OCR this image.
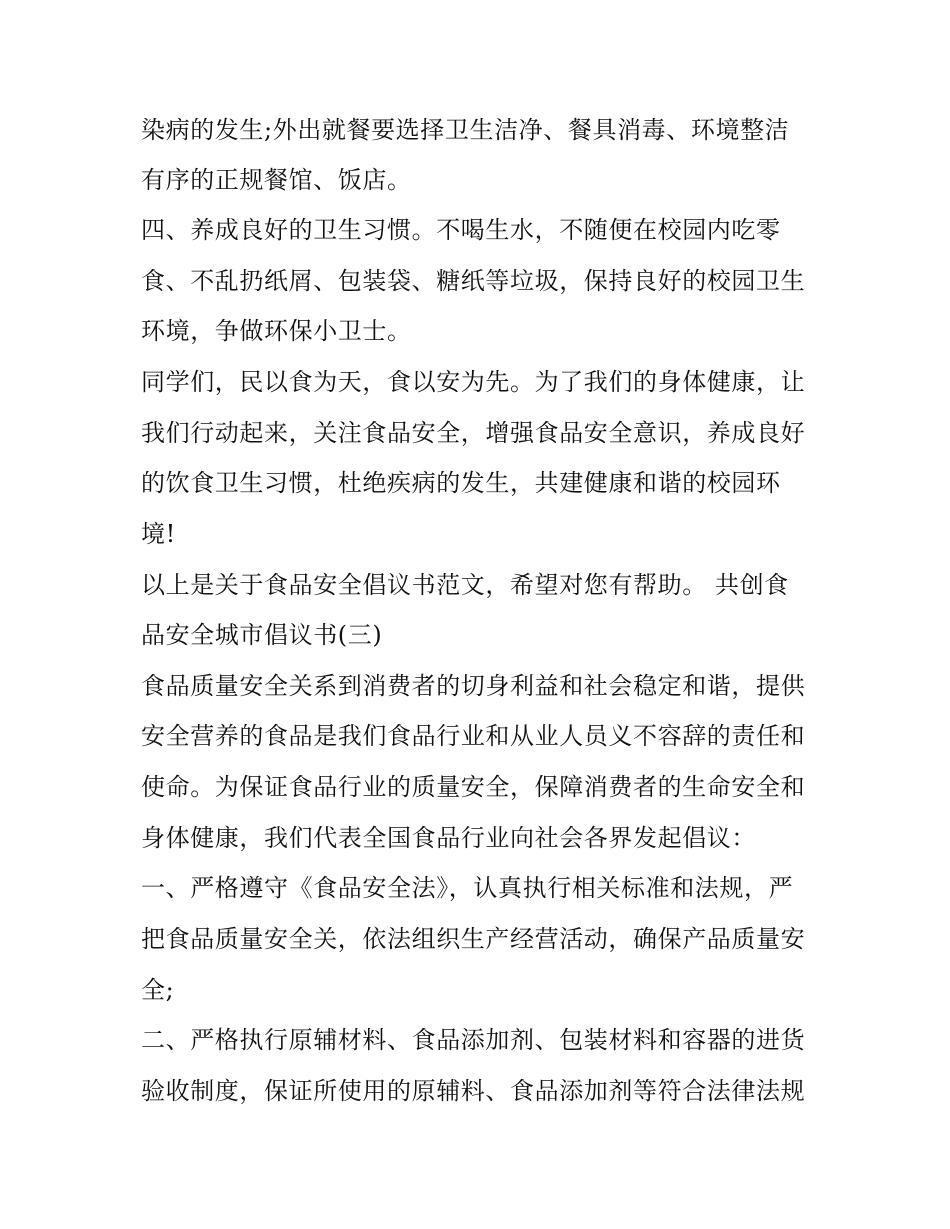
染病的发生;外出就餐要选择卫生洁净、餐具消毒、环境整洁

有序的正规餐馆、饭店。

四、养成良好的卫生习惯。不喝生水，不随便在校园内吃零

食、不乱扔纸屑、包装袋、糖纸等垃圾，保持良好的校园卫生

环境，争做环保小卫士。

同学们，民以食为天，食以安为先。为了我们的身体健康，让

我们行动起来，关注食品安全，增强食品安全意识，养成良好

的饮食卫生习惯，杜绝疾病的发生，共建健康和谐的校园环

境!

以上是关于食品安全倡议书范文，希望对您有帮助。 共创食

品安全城市倡议书(三)

食品质量安全关系到消费者的切身利益和社会稳定和谐，提供

安全营养的食品是我们食品行业和从业人员义不容辞的责任和

使命。为保证食品行业的质量安全，保障消费者的生命安全和

身体健康，我们代表全国食品行业向社会各界发起倡议：

一、严格遵守《食品安全法》，认真执行相关标准和法规，严

把食品质量安全关，依法组织生产经营活动，确保产品质量安

全;

二、严格执行原辅材料、食品添加剂、包装材料和容器的进货

验收制度，保证所使用的原辅料、食品添加剂等符合法律法规
